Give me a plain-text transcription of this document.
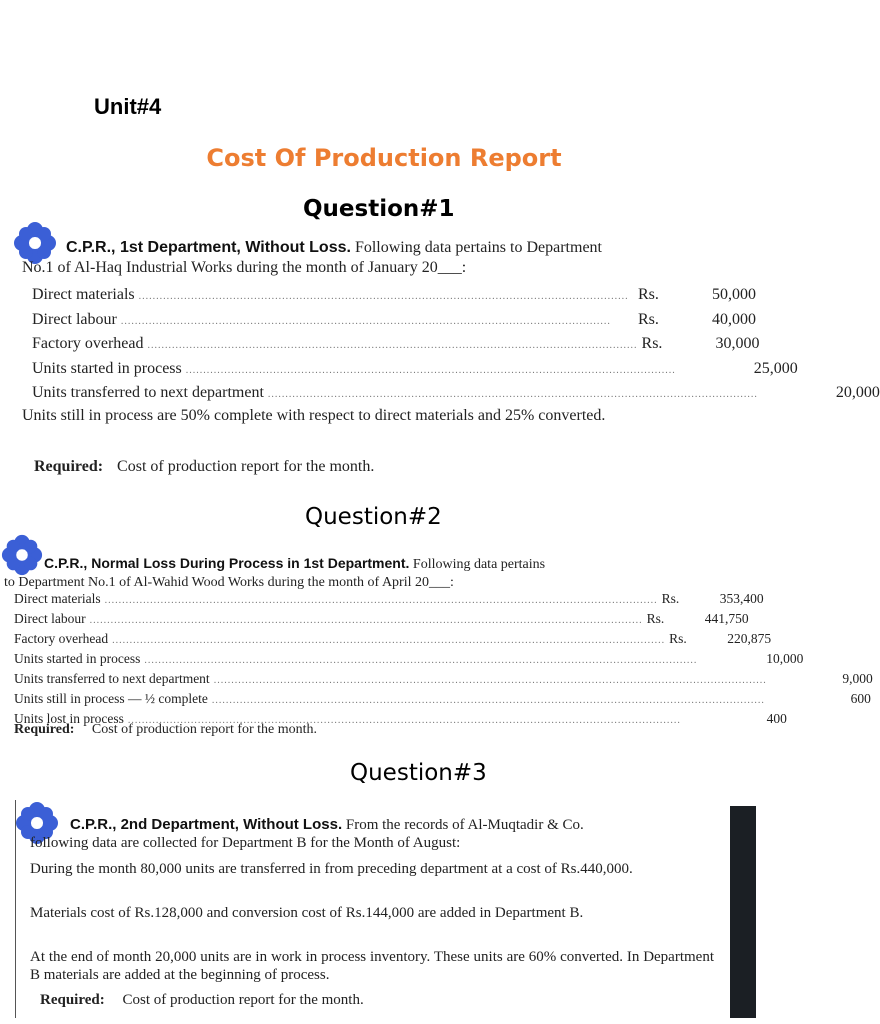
Unit#4
Cost Of Production Report
Question#1
C.P.R., 1st Department, Without Loss. Following data pertains to Department
No.1 of Al-Haq Industrial Works during the month of January 20___:
Direct materials ............................................................................................................................................ Rs.	50,000
Direct labour ............................................................................................................................................	Rs.	40,000
Factory overhead ............................................................................................................................................ Rs.	30,000
Units started in process ............................................................................................................................................	25,000
Units transferred to next department ............................................................................................................................................	20,000
Units still in process are 50% complete with respect to direct materials and 25% converted.
Required: Cost of production report for the month.
Question#2
C.P.R., Normal Loss During Process in 1st Department. Following data pertains
to Department No.1 of Al-Wahid Wood Works during the month of April 20___:
Direct materials .............................................................................................................................................................. Rs.	353,400
Direct labour .............................................................................................................................................................. Rs.	441,750
Factory overhead .............................................................................................................................................................. Rs.	220,875
Units started in process ..............................................................................................................................................................	10,000
Units transferred to next department ..............................................................................................................................................................	9,000
Units still in process — ½ complete ..............................................................................................................................................................	600
Units lost in process ..............................................................................................................................................................	400
Required: Cost of production report for the month.
Question#3
C.P.R., 2nd Department, Without Loss. From the records of Al-Muqtadir & Co.
following data are collected for Department B for the Month of August:
During the month 80,000 units are transferred in from preceding department at a cost of Rs.440,000.
Materials cost of Rs.128,000 and conversion cost of Rs.144,000 are added in Department B.
At the end of month 20,000 units are in work in process inventory. These units are 60% converted. In Department B materials are added at the beginning of process.
Required: Cost of production report for the month.
